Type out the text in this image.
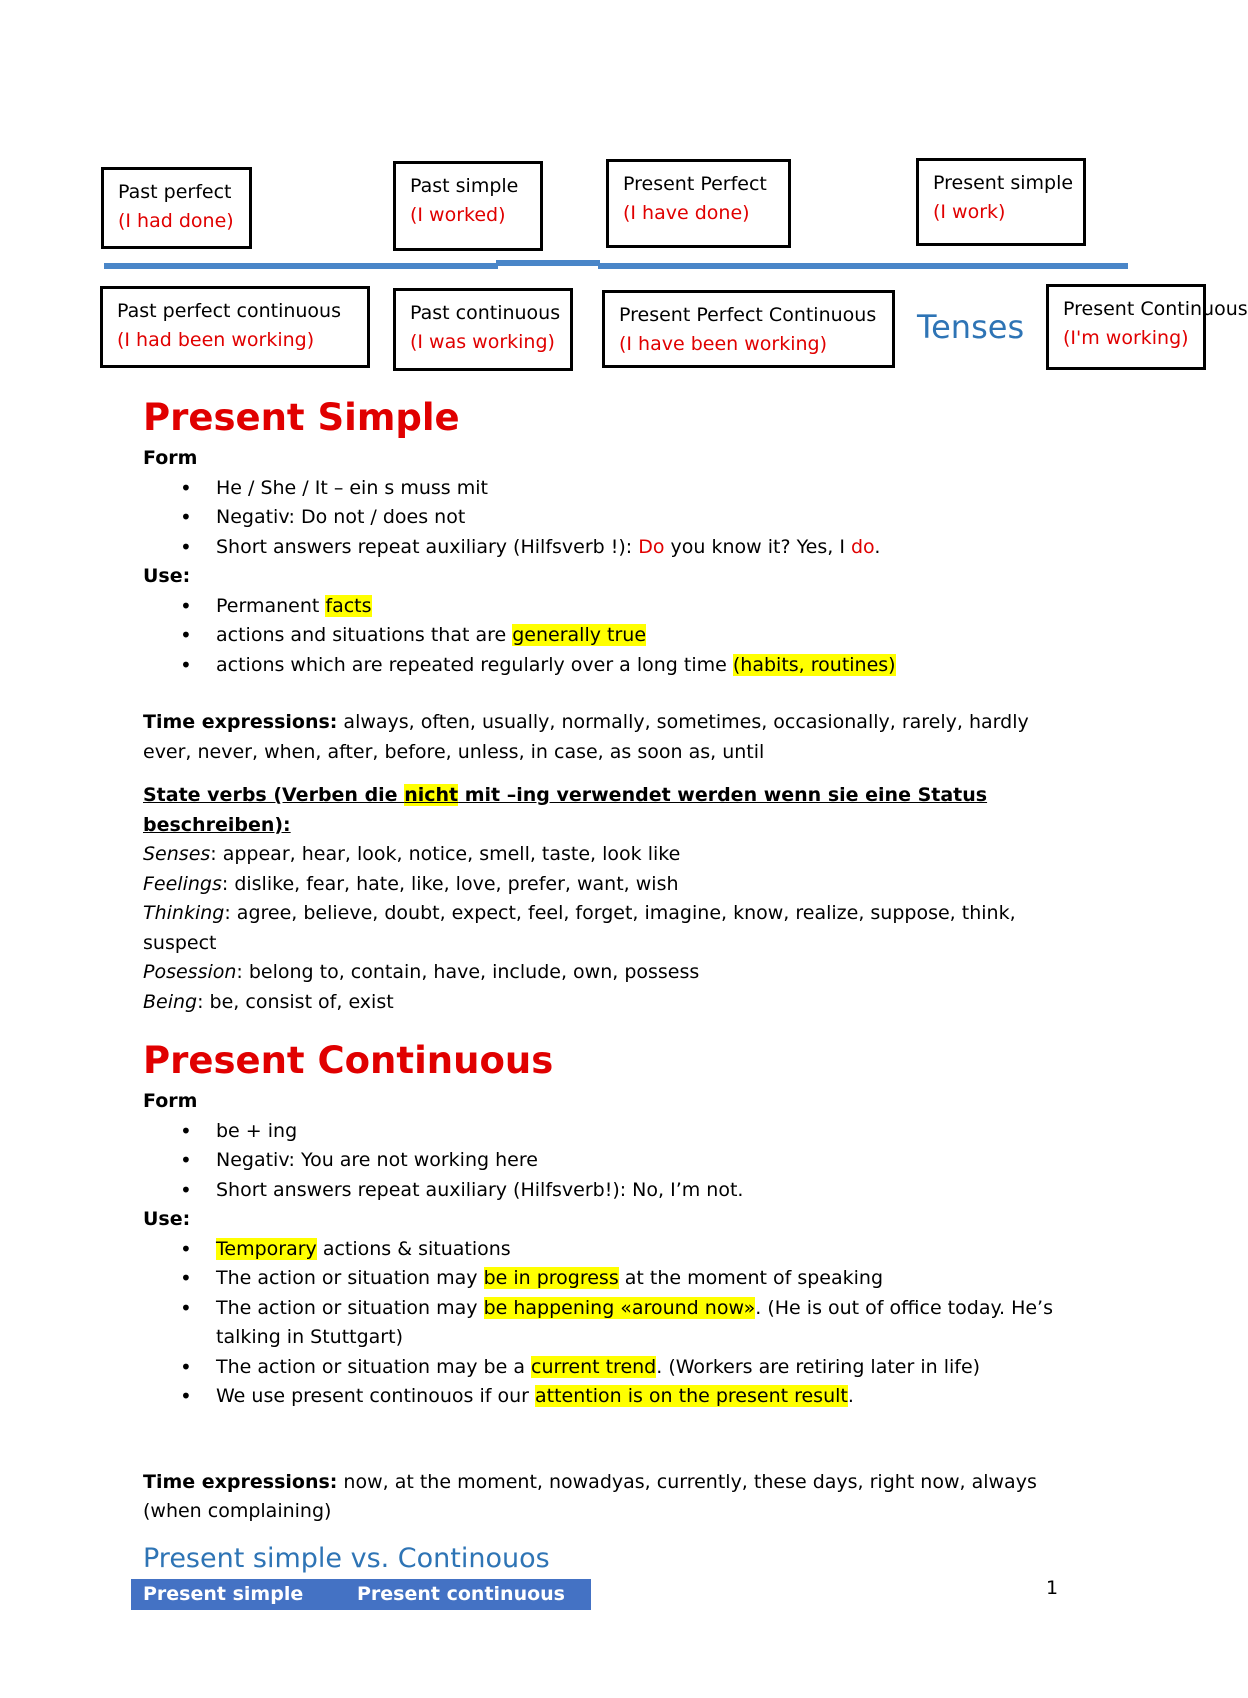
Past perfect
(I had done)
Past simple
(I worked)
Present Perfect
(I have done)
Present simple
(I work)
Past perfect continuous
(I had been working)
Past continuous
(I was working)
Present Perfect Continuous
(I have been working)	Tenses	Present Continuous
(I'm working)
Present Simple
Form
• He / She / It – ein s muss mit
• Negativ: Do not / does not
• Short answers repeat auxiliary (Hilfsverb !): Do you know it? Yes, I do.
Use:
• Permanent facts
• actions and situations that are generally true
• actions which are repeated regularly over a long time (habits, routines)
Time expressions: always, often, usually, normally, sometimes, occasionally, rarely, hardly ever, never, when, after, before, unless, in case, as soon as, until
State verbs (Verben die nicht mit –ing verwendet werden wenn sie eine Status beschreiben):
Senses: appear, hear, look, notice, smell, taste, look like
Feelings: dislike, fear, hate, like, love, prefer, want, wish
Thinking: agree, believe, doubt, expect, feel, forget, imagine, know, realize, suppose, think, suspect
Posession: belong to, contain, have, include, own, possess
Being: be, consist of, exist
Present Continuous
Form
• be + ing
• Negativ: You are not working here
• Short answers repeat auxiliary (Hilfsverb!): No, I’m not.
Use:
• Temporary actions & situations
• The action or situation may be in progress at the moment of speaking
• The action or situation may be happening «around now». (He is out of office today. He’s talking in Stuttgart)
• The action or situation may be a current trend. (Workers are retiring later in life)
• We use present continouos if our attention is on the present result.
Time expressions: now, at the moment, nowadyas, currently, these days, right now, always (when complaining)
Present simple vs. Continouos
Present simple	Present continuous	1
